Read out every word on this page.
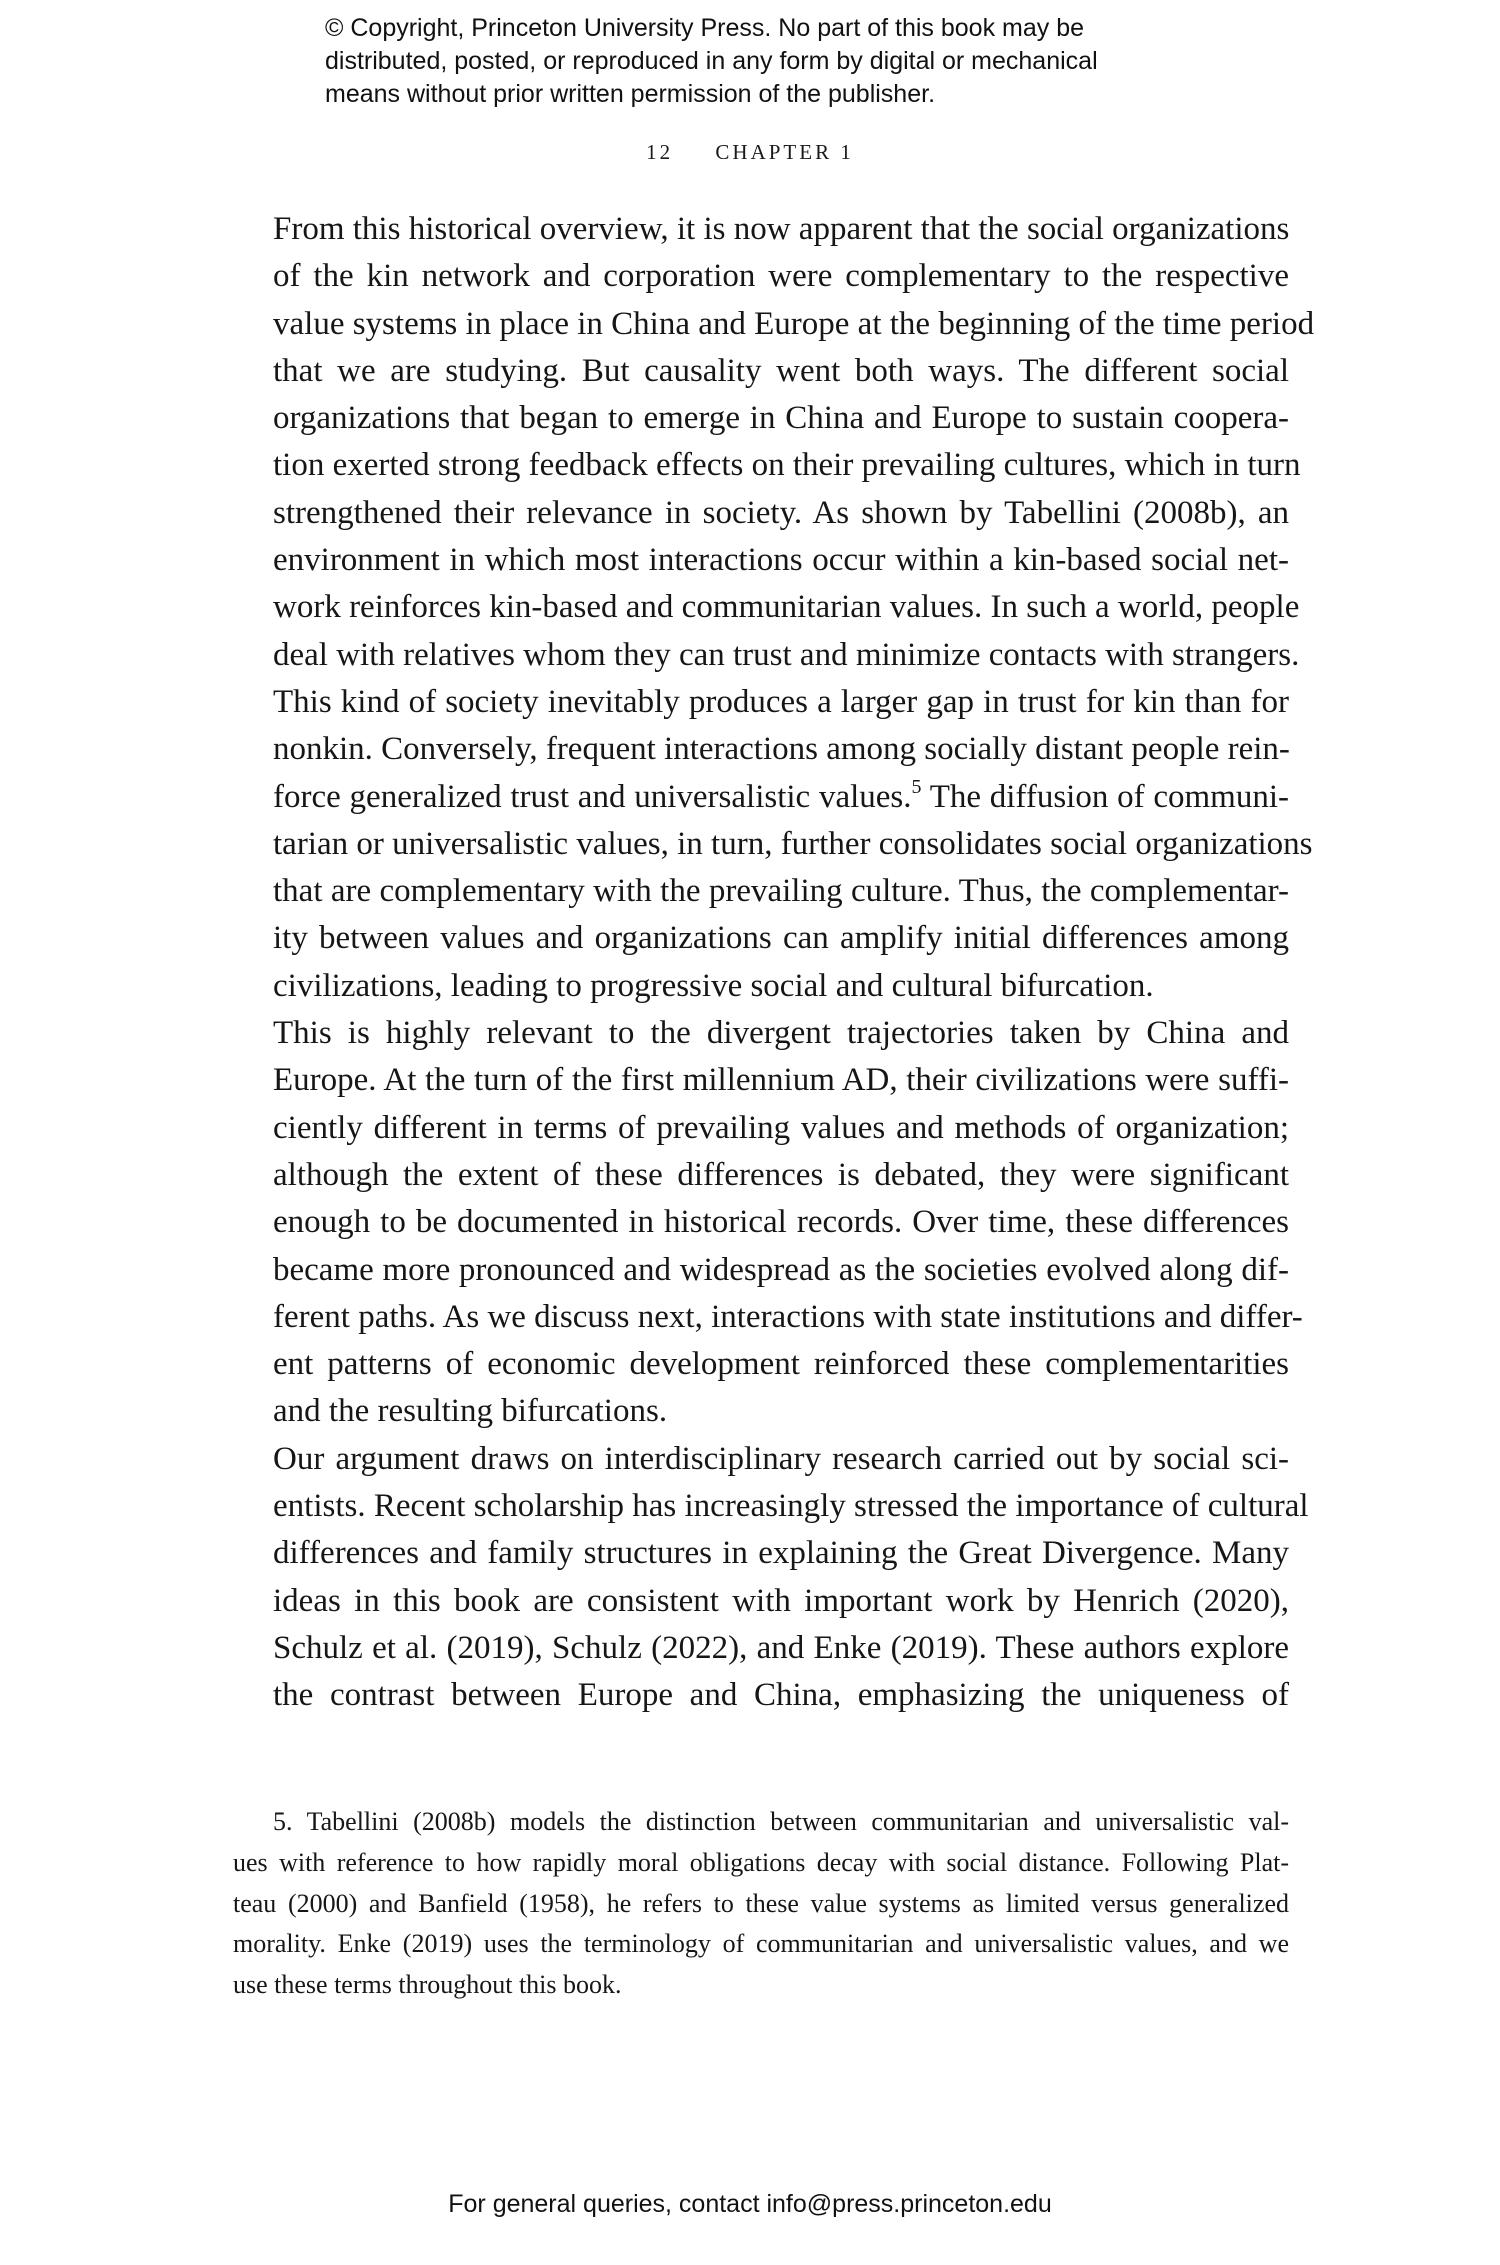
© Copyright, Princeton University Press. No part of this book may be
distributed, posted, or reproduced in any form by digital or mechanical
means without prior written permission of the publisher.
12 CHAPTER 1

From this historical overview, it is now apparent that the social organizations
of the kin network and corporation were complementary to the respective
value systems in place in China and Europe at the beginning of the time period
that we are studying. But causality went both ways. The different social
organizations that began to emerge in China and Europe to sustain coopera-
tion exerted strong feedback effects on their prevailing cultures, which in turn
strengthened their relevance in society. As shown by Tabellini (2008b), an
environment in which most interactions occur within a kin-based social net-
work reinforces kin-based and communitarian values. In such a world, people
deal with relatives whom they can trust and minimize contacts with strangers.
This kind of society inevitably produces a larger gap in trust for kin than for
nonkin. Conversely, frequent interactions among socially distant people rein-
force generalized trust and universalistic values.$^5$ The diffusion of communi-
tarian or universalistic values, in turn, further consolidates social organizations
that are complementary with the prevailing culture. Thus, the complementar-
ity between values and organizations can amplify initial differences among
civilizations, leading to progressive social and cultural bifurcation.

This is highly relevant to the divergent trajectories taken by China and
Europe. At the turn of the first millennium AD, their civilizations were suffi-
ciently different in terms of prevailing values and methods of organization;
although the extent of these differences is debated, they were significant
enough to be documented in historical records. Over time, these differences
became more pronounced and widespread as the societies evolved along dif-
ferent paths. As we discuss next, interactions with state institutions and differ-
ent patterns of economic development reinforced these complementarities
and the resulting bifurcations.

Our argument draws on interdisciplinary research carried out by social sci-
entists. Recent scholarship has increasingly stressed the importance of cultural
differences and family structures in explaining the Great Divergence. Many
ideas in this book are consistent with important work by Henrich (2020),
Schulz et al. (2019), Schulz (2022), and Enke (2019). These authors explore
the contrast between Europe and China, emphasizing the uniqueness of

5. Tabellini (2008b) models the distinction between communitarian and universalistic val-
ues with reference to how rapidly moral obligations decay with social distance. Following Plat-
teau (2000) and Banfield (1958), he refers to these value systems as limited versus generalized
morality. Enke (2019) uses the terminology of communitarian and universalistic values, and we
use these terms throughout this book.
For general queries, contact info@press.princeton.edu
